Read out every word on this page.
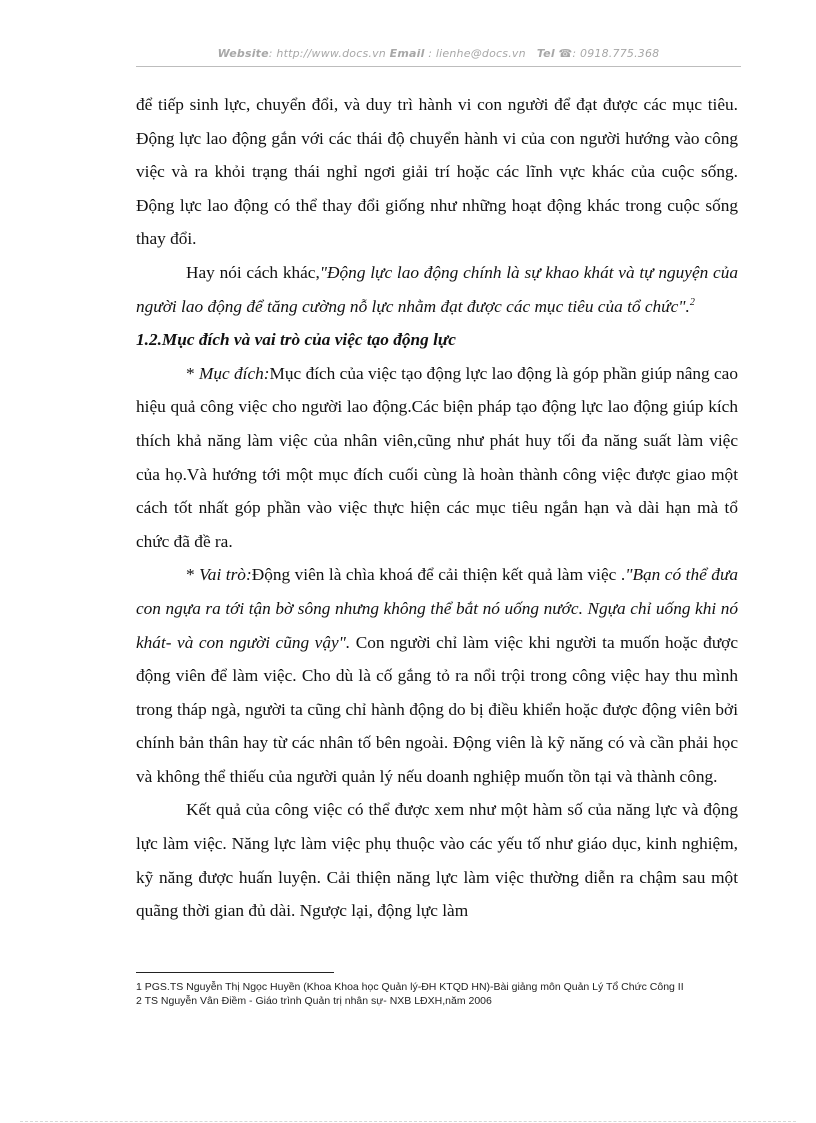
Website: http://www.docs.vn Email : lienhe@docs.vn Tel ☎: 0918.775.368

để tiếp sinh lực, chuyển đổi, và duy trì hành vi con người để đạt được các mục tiêu. Động lực lao động gắn với các thái độ chuyển hành vi của con người hướng vào công việc và ra khỏi trạng thái nghỉ ngơi giải trí hoặc các lĩnh vực khác của cuộc sống. Động lực lao động có thể thay đổi giống như những hoạt động khác trong cuộc sống thay đổi.

Hay nói cách khác,"Động lực lao động chính là sự khao khát và tự nguyện của người lao động để tăng cường nỗ lực nhằm đạt được các mục tiêu của tổ chức".$^2$

1.2.Mục đích và vai trò của việc tạo động lực

* Mục đích:Mục đích của việc tạo động lực lao động là góp phần giúp nâng cao hiệu quả công việc cho người lao động.Các biện pháp tạo động lực lao động giúp kích thích khả năng làm việc của nhân viên,cũng như phát huy tối đa năng suất làm việc của họ.Và hướng tới một mục đích cuối cùng là hoàn thành công việc được giao một cách tốt nhất góp phần vào việc thực hiện các mục tiêu ngắn hạn và dài hạn mà tổ chức đã đề ra.

* Vai trò:Động viên là chìa khoá để cải thiện kết quả làm việc ."Bạn có thể đưa con ngựa ra tới tận bờ sông nhưng không thể bắt nó uống nước. Ngựa chỉ uống khi nó khát- và con người cũng vậy". Con người chỉ làm việc khi người ta muốn hoặc được động viên để làm việc. Cho dù là cố gắng tỏ ra nổi trội trong công việc hay thu mình trong tháp ngà, người ta cũng chỉ hành động do bị điều khiển hoặc được động viên bởi chính bản thân hay từ các nhân tố bên ngoài. Động viên là kỹ năng có và cần phải học và không thể thiếu của người quản lý nếu doanh nghiệp muốn tồn tại và thành công.

Kết quả của công việc có thể được xem như một hàm số của năng lực và động lực làm việc. Năng lực làm việc phụ thuộc vào các yếu tố như giáo dục, kinh nghiệm, kỹ năng được huấn luyện. Cải thiện năng lực làm việc thường diễn ra chậm sau một quãng thời gian đủ dài. Ngược lại, động lực làm

1 PGS.TS Nguyễn Thị Ngọc Huyền (Khoa Khoa học Quản lý-ĐH KTQD HN)-Bài giảng môn Quản Lý Tổ Chức Công II

2 TS Nguyễn Vân Điềm - Giáo trình Quản trị nhân sự- NXB LĐXH,năm 2006
